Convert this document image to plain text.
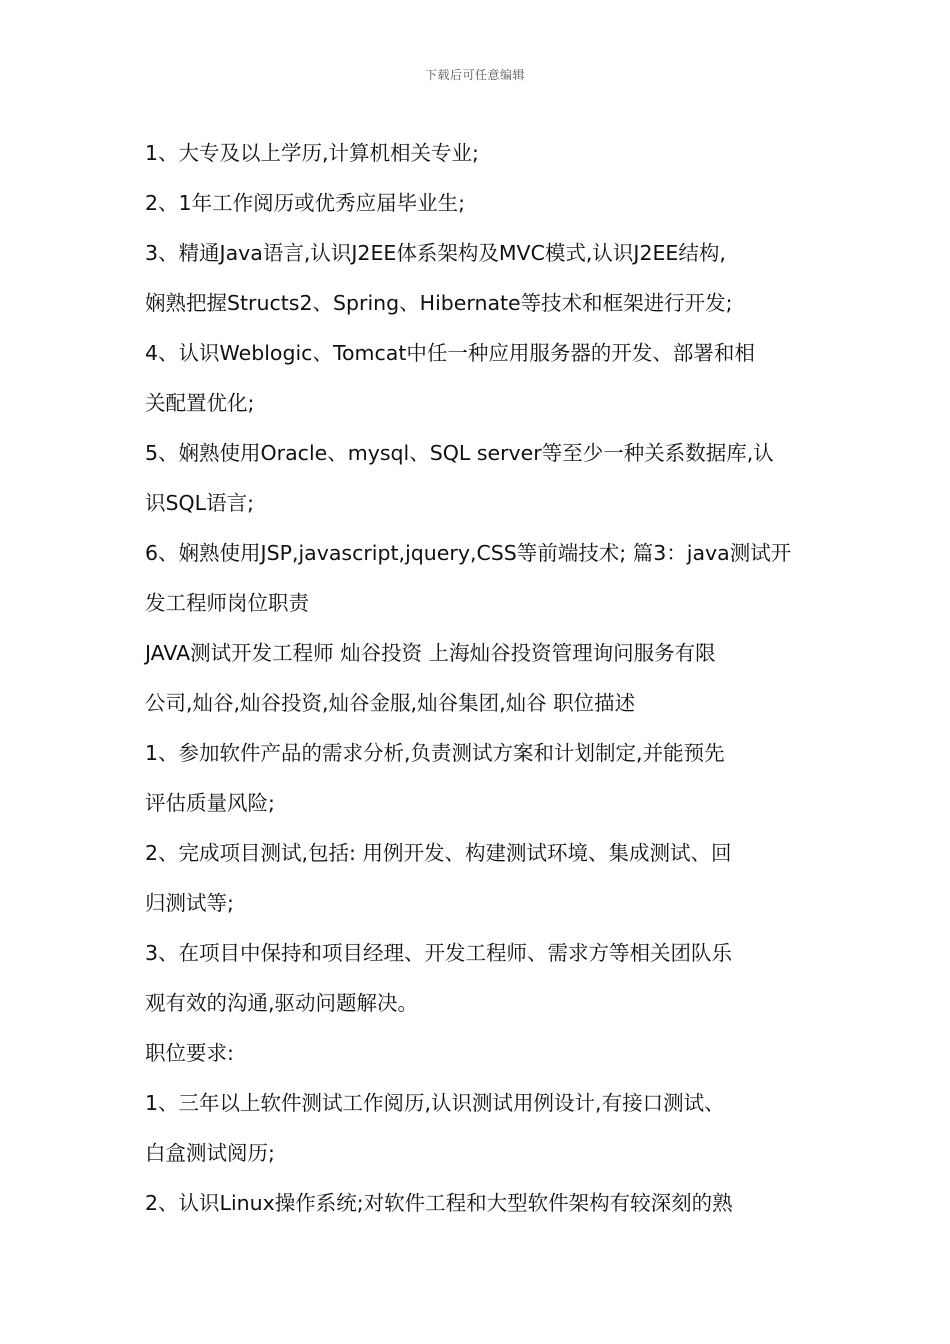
下载后可任意编辑

1、大专及以上学历,计算机相关专业;

2、1年工作阅历或优秀应届毕业生;

3、精通Java语言,认识J2EE体系架构及MVC模式,认识J2EE结构,

娴熟把握Structs2、Spring、Hibernate等技术和框架进行开发;

4、认识Weblogic、Tomcat中任一种应用服务器的开发、部署和相

关配置优化;

5、娴熟使用Oracle、mysql、SQL server等至少一种关系数据库,认

识SQL语言;

6、娴熟使用JSP,javascript,jquery,CSS等前端技术; 篇3：java测试开

发工程师岗位职责

JAVA测试开发工程师 灿谷投资 上海灿谷投资管理询问服务有限

公司,灿谷,灿谷投资,灿谷金服,灿谷集团,灿谷 职位描述

1、参加软件产品的需求分析,负责测试方案和计划制定,并能预先

评估质量风险;

2、完成项目测试,包括: 用例开发、构建测试环境、集成测试、回

归测试等;

3、在项目中保持和项目经理、开发工程师、需求方等相关团队乐

观有效的沟通,驱动问题解决。

职位要求:

1、三年以上软件测试工作阅历,认识测试用例设计,有接口测试、

白盒测试阅历;

2、认识Linux操作系统;对软件工程和大型软件架构有较深刻的熟
